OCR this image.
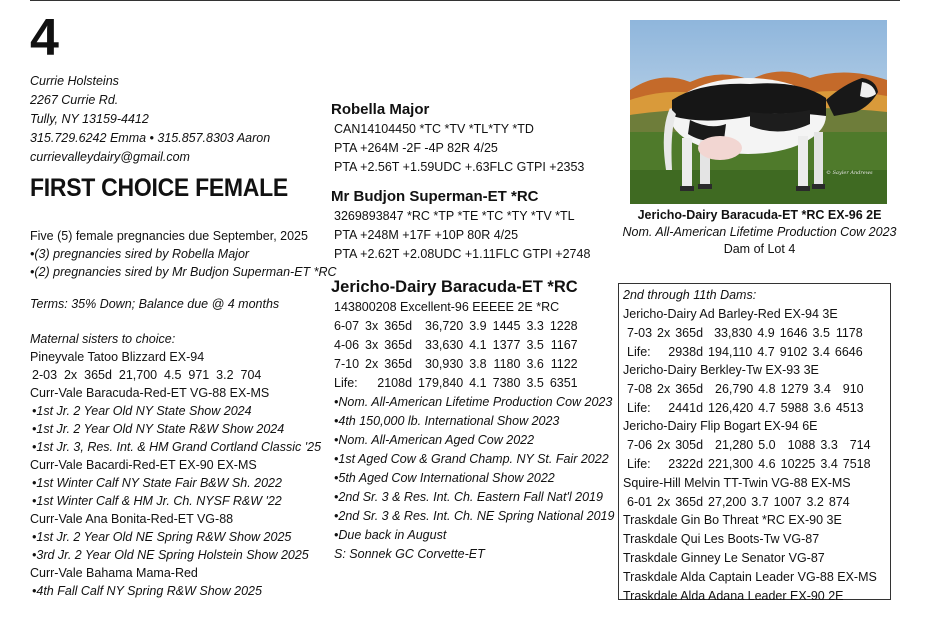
4
Currie Holsteins
2267 Currie Rd.
Tully, NY 13159-4412
315.729.6242 Emma • 315.857.8303 Aaron
currievalleydairy@gmail.com
FIRST CHOICE FEMALE
Five (5) female pregnancies due September, 2025
•(3) pregnancies sired by Robella Major
•(2) pregnancies sired by Mr Budjon Superman-ET *RC
Terms: 35% Down; Balance due @ 4 months
Maternal sisters to choice:
Pineyvale Tatoo Blizzard EX-94
2-03  2x  365d  21,700  4.5  971  3.2  704
Curr-Vale Baracuda-Red-ET VG-88 EX-MS
•1st Jr. 2 Year Old NY State Show 2024
•1st Jr. 2 Year Old NY State R&W Show 2024
•1st Jr. 3, Res. Int. & HM Grand Cortland Classic '25
Curr-Vale Bacardi-Red-ET EX-90 EX-MS
•1st Winter Calf NY State Fair B&W Sh. 2022
•1st Winter Calf & HM Jr. Ch. NYSF R&W '22
Curr-Vale Ana Bonita-Red-ET VG-88
•1st Jr. 2 Year Old NE Spring R&W Show 2025
•3rd Jr. 2 Year Old NE Spring Holstein Show 2025
Curr-Vale Bahama Mama-Red
•4th Fall Calf NY Spring R&W Show 2025
Robella Major
CAN14104450 *TC *TV *TL*TY *TD
PTA +264M -2F -4P 82R 4/25
PTA +2.56T +1.59UDC +.63FLC GTPI +2353
Mr Budjon Superman-ET *RC
3269893847 *RC *TP *TE *TC *TY *TV *TL
PTA +248M +17F +10P 80R 4/25
PTA +2.62T +2.08UDC +1.11FLC GTPI +2748
Jericho-Dairy Baracuda-ET *RC
143800208 Excellent-96 EEEEE 2E *RC
6-07	3x	365d	36,720	3.9	1445	3.3	1228
4-06	3x	365d	33,630	4.1	1377	3.5	1167
7-10	2x	365d	30,930	3.8	1180	3.6	1122
Life:	2108d		179,840	4.1	7380	3.5	6351
•Nom. All-American Lifetime Production Cow 2023
•4th 150,000 lb. International Show 2023
•Nom. All-American Aged Cow 2022
•1st Aged Cow & Grand Champ. NY St. Fair 2022
•5th Aged Cow International Show 2022
•2nd Sr. 3 & Res. Int. Ch. Eastern Fall Nat'l 2019
•2nd Sr. 3 & Res. Int. Ch. NE Spring National 2019
•Due back in August
S: Sonnek GC Corvette-ET
© Sayler Andrews
Jericho-Dairy Baracuda-ET *RC EX-96 2E
Nom. All-American Lifetime Production Cow 2023
Dam of Lot 4
2nd through 11th Dams:
Jericho-Dairy Ad Barley-Red EX-94 3E
7-03	2x	365d	33,830	4.9	1646	3.5	1178
Life:	2938d		194,110	4.7	9102	3.4	6646
Jericho-Dairy Berkley-Tw EX-93 3E
7-08	2x	365d	26,790	4.8	1279	3.4	910
Life:	2441d		126,420	4.7	5988	3.6	4513
Jericho-Dairy Flip Bogart EX-94 6E
7-06	2x	305d	21,280	5.0	1088	3.3	714
Life:	2322d		221,300	4.6	10225	3.4	7518
Squire-Hill Melvin TT-Twin VG-88 EX-MS
6-01	2x	365d	27,200	3.7	1007	3.2	874
Traskdale Gin Bo Threat *RC EX-90 3E
Traskdale Qui Les Boots-Tw VG-87
Traskdale Ginney Le Senator VG-87
Traskdale Alda Captain Leader VG-88 EX-MS
Traskdale Alda Adana Leader EX-90 2E
